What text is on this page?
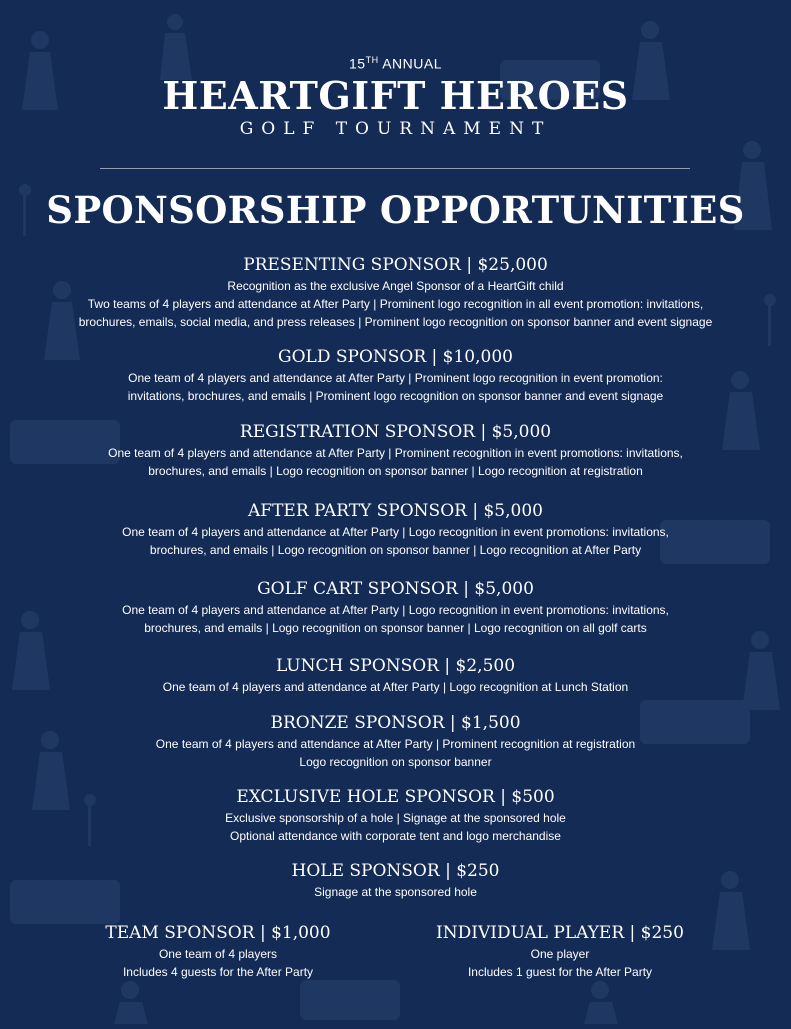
15TH ANNUAL
HEARTGIFT HEROES
GOLF TOURNAMENT
SPONSORSHIP OPPORTUNITIES
PRESENTING SPONSOR | $25,000
Recognition as the exclusive Angel Sponsor of a HeartGift child
Two teams of 4 players and attendance at After Party | Prominent logo recognition in all event promotion: invitations,
brochures, emails, social media, and press releases | Prominent logo recognition on sponsor banner and event signage
GOLD SPONSOR | $10,000
One team of 4 players and attendance at After Party | Prominent logo recognition in event promotion:
invitations, brochures, and emails | Prominent logo recognition on sponsor banner and event signage
REGISTRATION SPONSOR | $5,000
One team of 4 players and attendance at After Party | Prominent recognition in event promotions: invitations,
brochures, and emails | Logo recognition on sponsor banner | Logo recognition at registration
AFTER PARTY SPONSOR | $5,000
One team of 4 players and attendance at After Party | Logo recognition in event promotions: invitations,
brochures, and emails | Logo recognition on sponsor banner | Logo recognition at After Party
GOLF CART SPONSOR | $5,000
One team of 4 players and attendance at After Party | Logo recognition in event promotions: invitations,
brochures, and emails | Logo recognition on sponsor banner | Logo recognition on all golf carts
LUNCH SPONSOR | $2,500
One team of 4 players and attendance at After Party | Logo recognition at Lunch Station
BRONZE SPONSOR | $1,500
One team of 4 players and attendance at After Party | Prominent recognition at registration
Logo recognition on sponsor banner
EXCLUSIVE HOLE SPONSOR | $500
Exclusive sponsorship of a hole | Signage at the sponsored hole
Optional attendance with corporate tent and logo merchandise
HOLE SPONSOR | $250
Signage at the sponsored hole
TEAM SPONSOR | $1,000
One team of 4 players
Includes 4 guests for the After Party
INDIVIDUAL PLAYER | $250
One player
Includes 1 guest for the After Party
